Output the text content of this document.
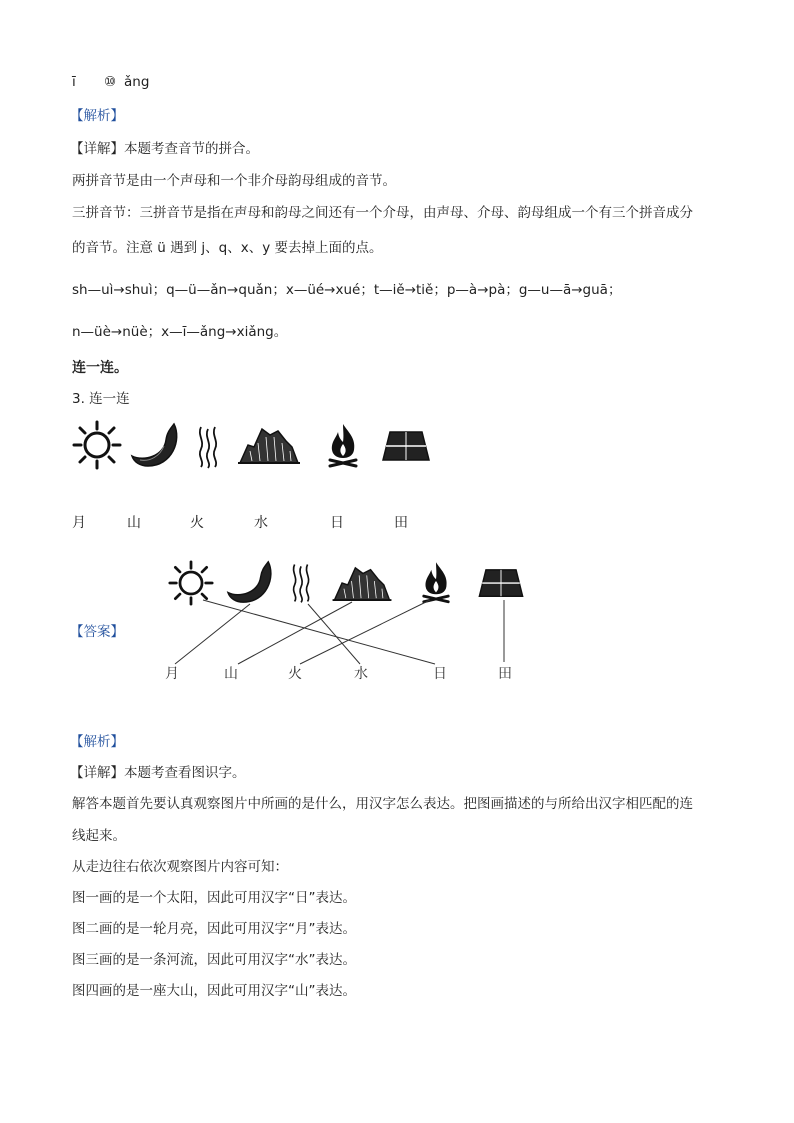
ī ⑩ ǎng
【解析】
【详解】本题考查音节的拼合。
两拼音节是由一个声母和一个非介母韵母组成的音节。
三拼音节：三拼音节是指在声母和韵母之间还有一个介母，由声母、介母、韵母组成一个有三个拼音成分
的音节。注意 ü 遇到 j、q、x、y 要去掉上面的点。
sh—uì→shuì；q—ü—ǎn→quǎn；x—üé→xué；t—iě→tiě；p—à→pà；g—u—ā→guā；
n—üè→nüè；x—ī—ǎng→xiǎng。
连一连。
3. 连一连
月	山	火	水	日	田
【答案】
月	山	火	水	日	田
【解析】
【详解】本题考查看图识字。
解答本题首先要认真观察图片中所画的是什么，用汉字怎么表达。把图画描述的与所给出汉字相匹配的连
线起来。
从走边往右依次观察图片内容可知：
图一画的是一个太阳，因此可用汉字“日”表达。
图二画的是一轮月亮，因此可用汉字“月”表达。
图三画的是一条河流，因此可用汉字“水”表达。
图四画的是一座大山，因此可用汉字“山”表达。
